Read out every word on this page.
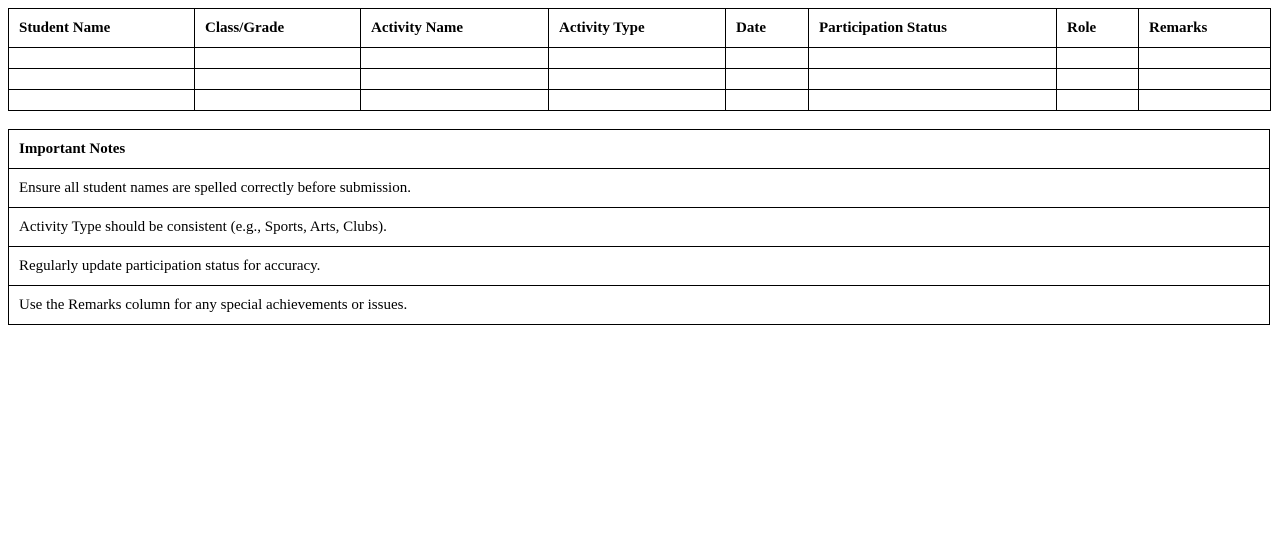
Student Name	Class/Grade	Activity Name	Activity Type	Date	Participation Status	Role	Remarks

Important Notes
Ensure all student names are spelled correctly before submission.
Activity Type should be consistent (e.g., Sports, Arts, Clubs).
Regularly update participation status for accuracy.
Use the Remarks column for any special achievements or issues.
